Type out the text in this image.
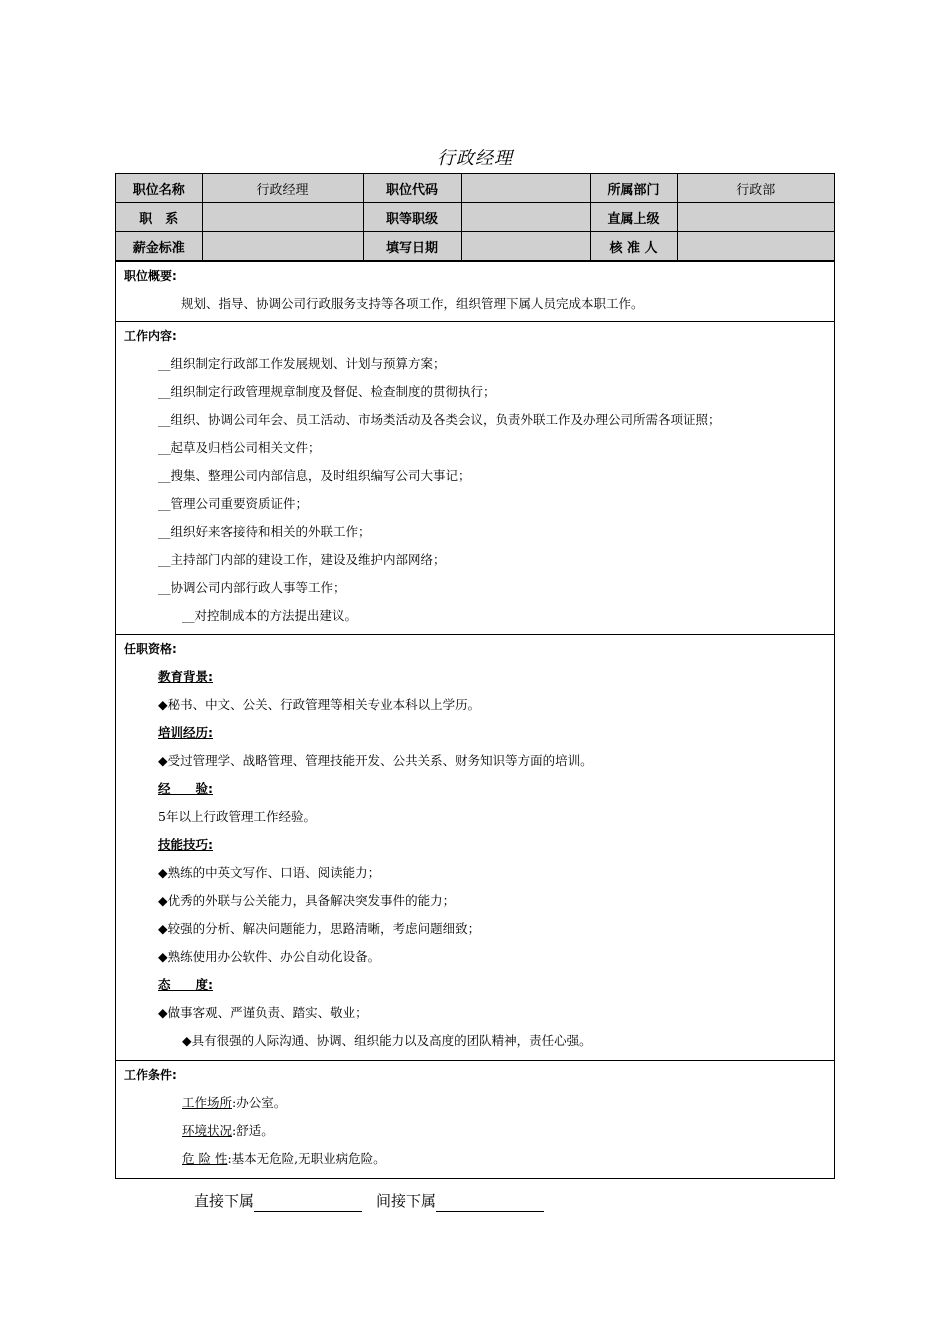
行政经理
职位名称	行政经理	职位代码		所属部门	行政部
职　系		职等职级		直属上级	
薪金标准		填写日期		核 准 人	
职位概要:
规划、指导、协调公司行政服务支持等各项工作，组织管理下属人员完成本职工作。
工作内容:
__组织制定行政部工作发展规划、计划与预算方案；
__组织制定行政管理规章制度及督促、检查制度的贯彻执行；
__组织、协调公司年会、员工活动、市场类活动及各类会议，负责外联工作及办理公司所需各项证照；
__起草及归档公司相关文件；
__搜集、整理公司内部信息，及时组织编写公司大事记；
__管理公司重要资质证件；
__组织好来客接待和相关的外联工作；
__主持部门内部的建设工作，建设及维护内部网络；
__协调公司内部行政人事等工作；
__对控制成本的方法提出建议。
任职资格:
教育背景:
◆秘书、中文、公关、行政管理等相关专业本科以上学历。
培训经历:
◆受过管理学、战略管理、管理技能开发、公共关系、财务知识等方面的培训。
经　　验:
5年以上行政管理工作经验。
技能技巧:
◆熟练的中英文写作、口语、阅读能力；
◆优秀的外联与公关能力，具备解决突发事件的能力；
◆较强的分析、解决问题能力，思路清晰，考虑问题细致；
◆熟练使用办公软件、办公自动化设备。
态　　度:
◆做事客观、严谨负责、踏实、敬业；
◆具有很强的人际沟通、协调、组织能力以及高度的团队精神，责任心强。
工作条件:
工作场所:办公室。
环境状况:舒适。
危 险 性:基本无危险,无职业病危险。
直接下属	间接下属
